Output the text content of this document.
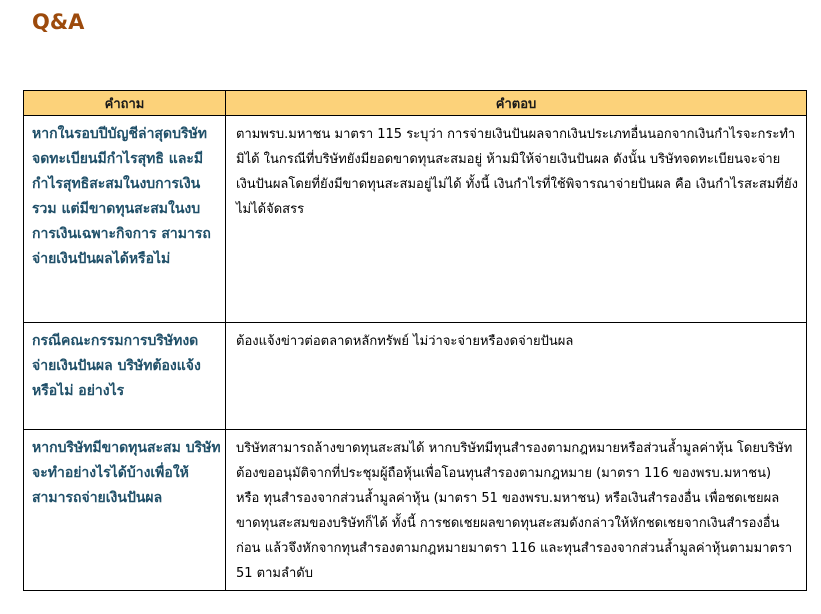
Q&A
คำถาม	คำตอบ
หากในรอบปีบัญชีล่าสุดบริษัทจดทะเบียนมีกำไรสุทธิ และมีกำไรสุทธิสะสมในงบการเงินรวม แต่มีขาดทุนสะสมในงบการเงินเฉพาะกิจการ สามารถจ่ายเงินปันผลได้หรือไม่	ตามพรบ.มหาชน มาตรา 115 ระบุว่า การจ่ายเงินปันผลจากเงินประเภทอื่นนอกจากเงินกำไรจะกระทำมิได้ ในกรณีที่บริษัทยังมียอดขาดทุนสะสมอยู่ ห้ามมิให้จ่ายเงินปันผล ดังนั้น บริษัทจดทะเบียนจะจ่ายเงินปันผลโดยที่ยังมีขาดทุนสะสมอยู่ไม่ได้ ทั้งนี้ เงินกำไรที่ใช้พิจารณาจ่ายปันผล คือ เงินกำไรสะสมที่ยังไม่ได้จัดสรร
กรณีคณะกรรมการบริษัทงดจ่ายเงินปันผล บริษัทต้องแจ้งหรือไม่ อย่างไร	ต้องแจ้งข่าวต่อตลาดหลักทรัพย์ ไม่ว่าจะจ่ายหรืองดจ่ายปันผล
หากบริษัทมีขาดทุนสะสม บริษัทจะทำอย่างไรได้บ้างเพื่อให้สามารถจ่ายเงินปันผล	บริษัทสามารถล้างขาดทุนสะสมได้ หากบริษัทมีทุนสำรองตามกฎหมายหรือส่วนล้ำมูลค่าหุ้น โดยบริษัทต้องขออนุมัติจากที่ประชุมผู้ถือหุ้นเพื่อโอนทุนสำรองตามกฎหมาย (มาตรา 116 ของพรบ.มหาชน) หรือ ทุนสำรองจากส่วนล้ำมูลค่าหุ้น (มาตรา 51 ของพรบ.มหาชน) หรือเงินสำรองอื่น เพื่อชดเชยผลขาดทุนสะสมของบริษัทก็ได้ ทั้งนี้ การชดเชยผลขาดทุนสะสมดังกล่าวให้หักชดเชยจากเงินสำรองอื่นก่อน แล้วจึงหักจากทุนสำรองตามกฎหมายมาตรา 116 และทุนสำรองจากส่วนล้ำมูลค่าหุ้นตามมาตรา 51 ตามลำดับ
